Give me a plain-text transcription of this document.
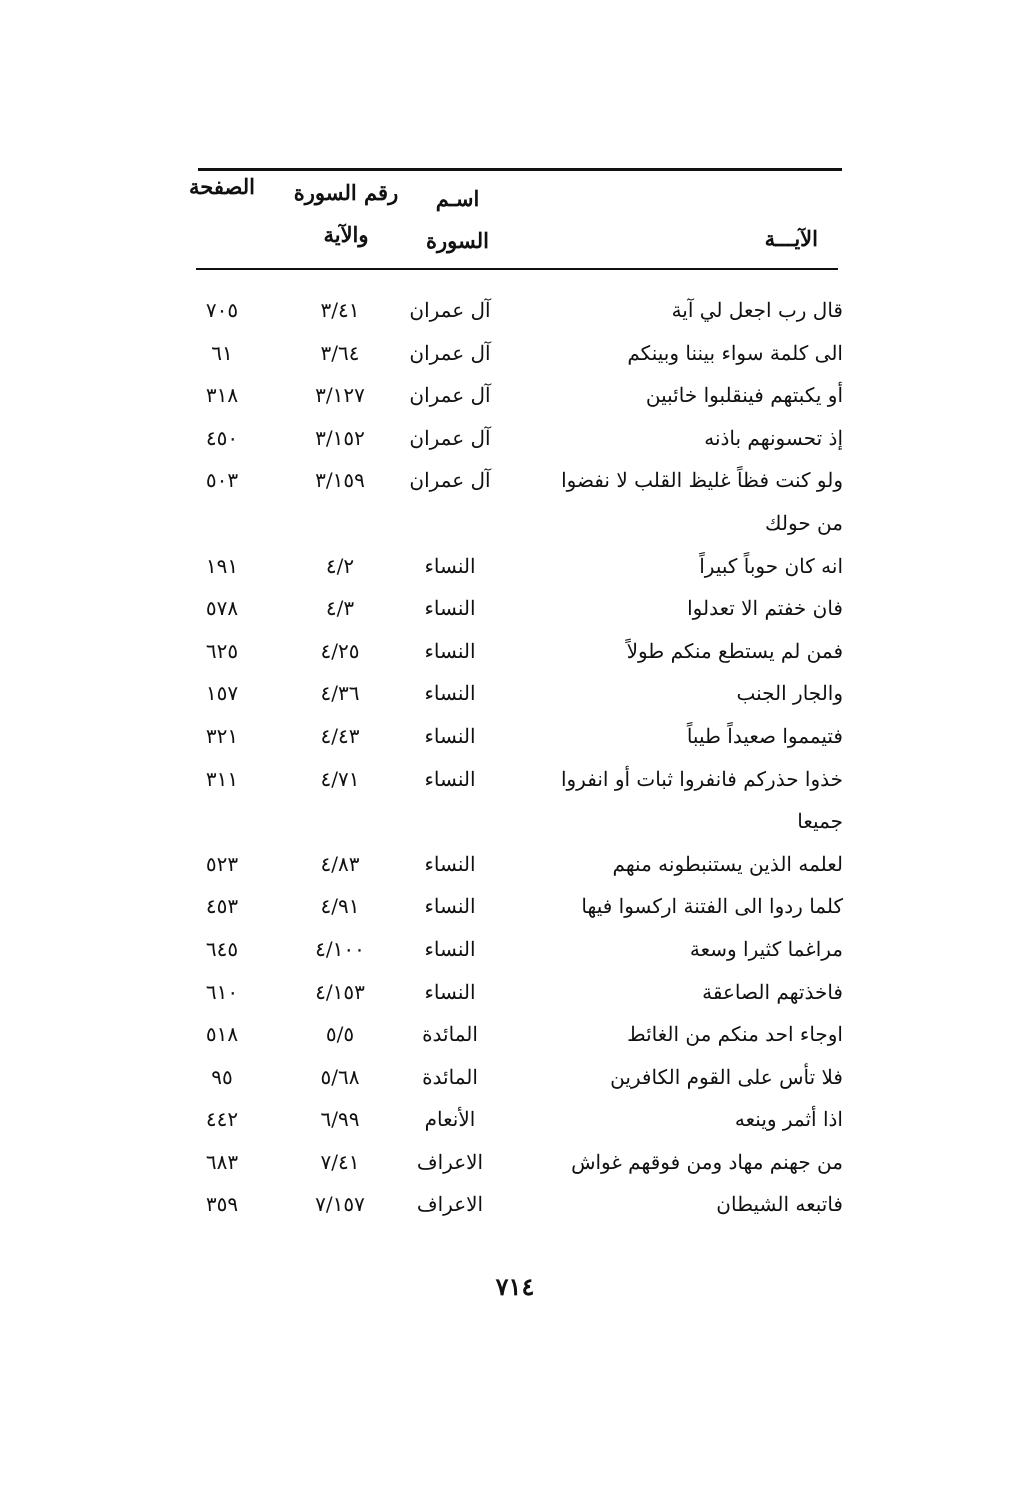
الآيـــة
اسـم
السورة
رقم السورة
والآية
الصفحة
قال رب اجعل لي آية
آل عمران
٣/٤١
٧٠٥
الى كلمة سواء بيننا وبينكم
آل عمران
٣/٦٤
٦١
أو يكبتهم فينقلبوا خائبين
آل عمران
٣/١٢٧
٣١٨
إذ تحسونهم باذنه
آل عمران
٣/١٥٢
٤٥٠
ولو كنت فظاً غليظ القلب لا نفضوا
آل عمران
٣/١٥٩
٥٠٣
من حولك
انه كان حوباً كبيراً
النساء
٤/٢
١٩١
فان خفتم الا تعدلوا
النساء
٤/٣
٥٧٨
فمن لم يستطع منكم طولاً
النساء
٤/٢٥
٦٢٥
والجار الجنب
النساء
٤/٣٦
١٥٧
فتيمموا صعيداً طيباً
النساء
٤/٤٣
٣٢١
خذوا حذركم فانفروا ثبات أو انفروا
النساء
٤/٧١
٣١١
جميعا
لعلمه الذين يستنبطونه منهم
النساء
٤/٨٣
٥٢٣
كلما ردوا الى الفتنة اركسوا فيها
النساء
٤/٩١
٤٥٣
مراغما كثيرا وسعة
النساء
٤/١٠٠
٦٤٥
فاخذتهم الصاعقة
النساء
٤/١٥٣
٦١٠
اوجاء احد منكم من الغائط
المائدة
٥/٥
٥١٨
فلا تأس على القوم الكافرين
المائدة
٥/٦٨
٩٥
اذا أثمر وينعه
الأنعام
٦/٩٩
٤٤٢
من جهنم مهاد ومن فوقهم غواش
الاعراف
٧/٤١
٦٨٣
فاتبعه الشيطان
الاعراف
٧/١٥٧
٣٥٩
٧١٤
